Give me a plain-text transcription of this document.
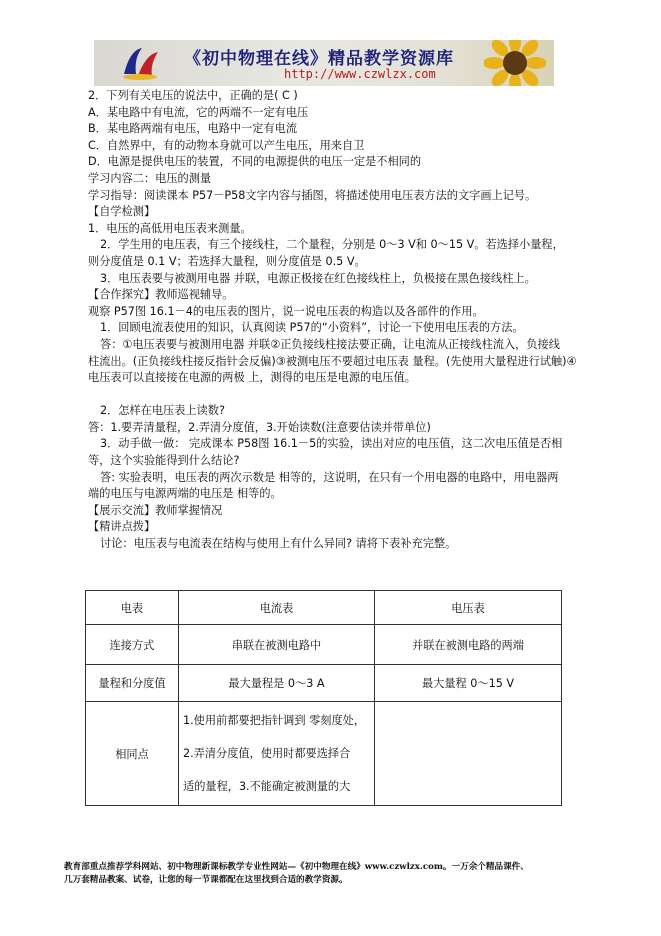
《初中物理在线》精品教学资源库
http://www.czwlzx.com

2．下列有关电压的说法中，正确的是( C )

A．某电路中有电流，它的两端不一定有电压

B．某电路两端有电压，电路中一定有电流

C．自然界中，有的动物本身就可以产生电压，用来自卫

D．电源是提供电压的装置，不同的电源提供的电压一定是不相同的

学习内容二：电压的测量

学习指导：阅读课本 P57－P58文字内容与插图，将描述使用电压表方法的文字画上记号。

【自学检测】

1．电压的高低用电压表来测量。

2．学生用的电压表，有三个接线柱，二个量程，分别是 0～3 V和 0～15 V。若选择小量程，

则分度值是 0.1 V；若选择大量程，则分度值是 0.5 V。

3．电压表要与被测用电器 并联，电源正极接在红色接线柱上，负极接在黑色接线柱上。

【合作探究】教师巡视辅导。

观察 P57图 16.1－4的电压表的图片，说一说电压表的构造以及各部件的作用。

1．回顾电流表使用的知识，认真阅读 P57的“小资料”，讨论一下使用电压表的方法。

答：①电压表要与被测用电器 并联②正负接线柱接法要正确，让电流从正接线柱流入，负接线

柱流出。(正负接线柱接反指针会反偏)③被测电压不要超过电压表 量程。(先使用大量程进行试触)④

电压表可以直接接在电源的两极 上，测得的电压是电源的电压值。

2．怎样在电压表上读数?

答：1.要弄清量程，2.弄清分度值，3.开始读数(注意要估读并带单位)

3．动手做一做： 完成课本 P58图 16.1－5的实验，读出对应的电压值，这二次电压值是否相

等，这个实验能得到什么结论?

答: 实验表明，电压表的两次示数是 相等的，这说明，在只有一个用电器的电路中，用电器两

端的电压与电源两端的电压是 相等的。

【展示交流】教师掌握情况

【精讲点拨】

讨论：电压表与电流表在结构与使用上有什么异同? 请将下表补充完整。

电表	电流表	电压表
连接方式	串联在被测电路中	并联在被测电路的两端
量程和分度值	最大量程是 0～3 A	最大量程 0～15 V
相同点	1.使用前都要把指针调到 零刻度处，
2.弄清分度值，使用时都要选择合
适的量程，3.不能确定被测量的大	

教育部重点推荐学科网站、初中物理新课标教学专业性网站—《初中物理在线》www.czwlzx.com。一万余个精品课件、
几万套精品教案、试卷，让您的每一节课都配在这里找到合适的教学资源。
